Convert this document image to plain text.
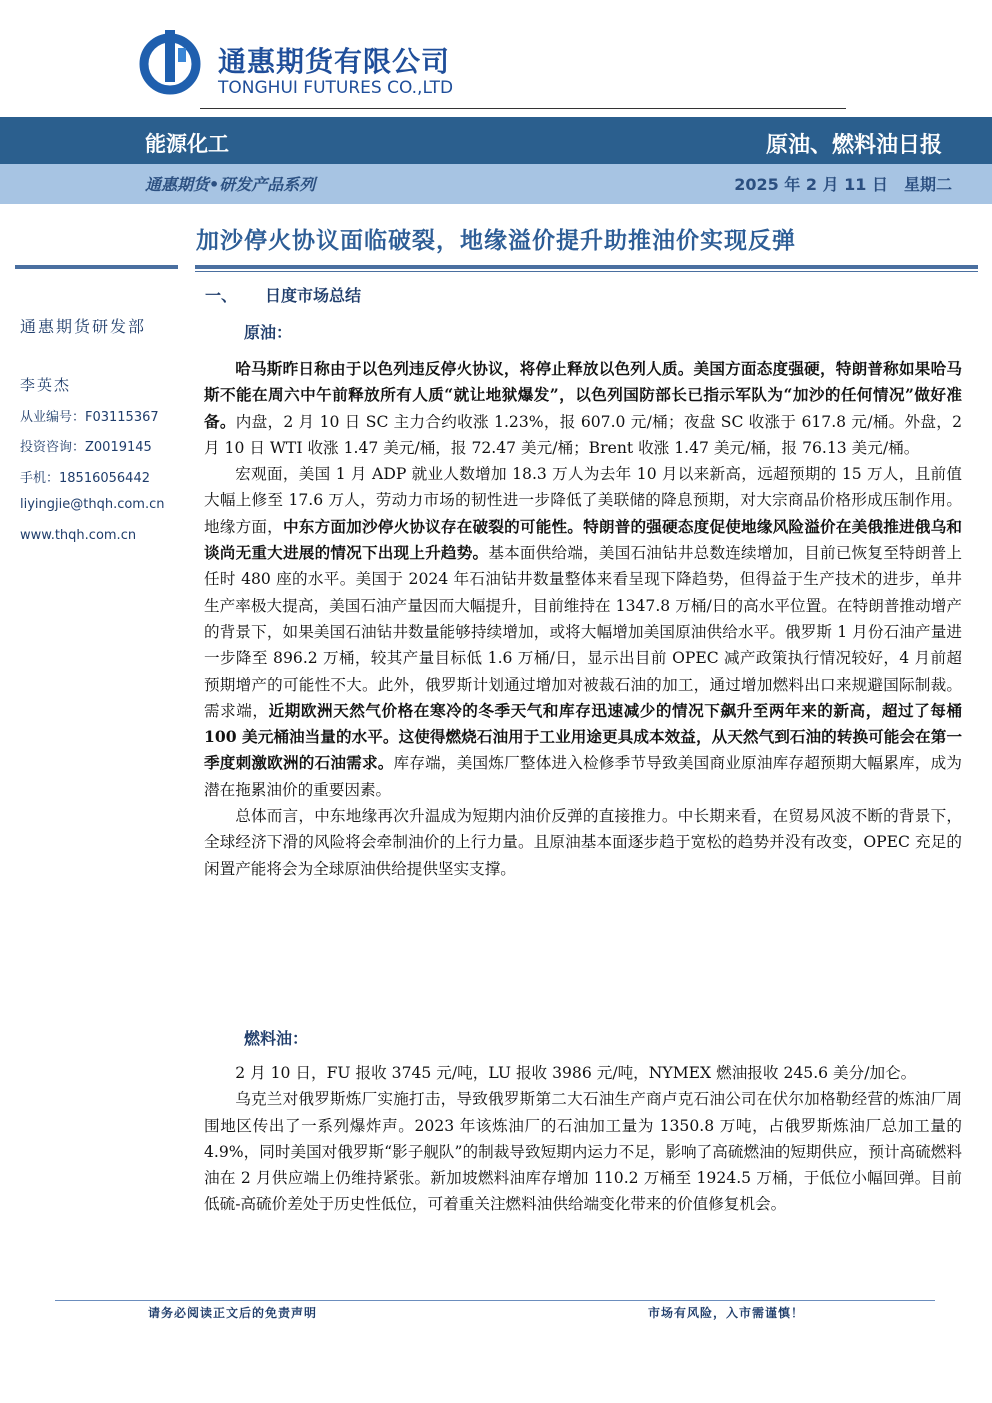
通惠期货有限公司
TONGHUI FUTURES CO.,LTD
能源化工	原油、燃料油日报
通惠期货•研发产品系列	2025 年 2 月 11 日　星期二
加沙停火协议面临破裂，地缘溢价提升助推油价实现反弹
通惠期货研发部
李英杰
从业编号：F03115367
投资咨询：Z0019145
手机：18516056442
liyingjie@thqh.com.cn
www.thqh.com.cn
一、 日度市场总结
原油：

哈马斯昨日称由于以色列违反停火协议，将停止释放以色列人质。美国方面态度强硬，特朗普称如果哈马斯不能在周六中午前释放所有人质“就让地狱爆发”，以色列国防部长已指示军队为“加沙的任何情况”做好准备。内盘，2 月 10 日 SC 主力合约收涨 1.23%，报 607.0 元/桶；夜盘 SC 收涨于 617.8 元/桶。外盘，2 月 10 日 WTI 收涨 1.47 美元/桶，报 72.47 美元/桶；Brent 收涨 1.47 美元/桶，报 76.13 美元/桶。

宏观面，美国 1 月 ADP 就业人数增加 18.3 万人为去年 10 月以来新高，远超预期的 15 万人，且前值大幅上修至 17.6 万人，劳动力市场的韧性进一步降低了美联储的降息预期，对大宗商品价格形成压制作用。地缘方面，中东方面加沙停火协议存在破裂的可能性。特朗普的强硬态度促使地缘风险溢价在美俄推进俄乌和谈尚无重大进展的情况下出现上升趋势。基本面供给端，美国石油钻井总数连续增加，目前已恢复至特朗普上任时 480 座的水平。美国于 2024 年石油钻井数量整体来看呈现下降趋势，但得益于生产技术的进步，单井生产率极大提高，美国石油产量因而大幅提升，目前维持在 1347.8 万桶/日的高水平位置。在特朗普推动增产的背景下，如果美国石油钻井数量能够持续增加，或将大幅增加美国原油供给水平。俄罗斯 1 月份石油产量进一步降至 896.2 万桶，较其产量目标低 1.6 万桶/日，显示出目前 OPEC 减产政策执行情况较好，4 月前超预期增产的可能性不大。此外，俄罗斯计划通过增加对被裁石油的加工，通过增加燃料出口来规避国际制裁。需求端，近期欧洲天然气价格在寒冷的冬季天气和库存迅速减少的情况下飙升至两年来的新高，超过了每桶 100 美元桶油当量的水平。这使得燃烧石油用于工业用途更具成本效益，从天然气到石油的转换可能会在第一季度刺激欧洲的石油需求。库存端，美国炼厂整体进入检修季节导致美国商业原油库存超预期大幅累库，成为潜在拖累油价的重要因素。

总体而言，中东地缘再次升温成为短期内油价反弹的直接推力。中长期来看，在贸易风波不断的背景下，全球经济下滑的风险将会牵制油价的上行力量。且原油基本面逐步趋于宽松的趋势并没有改变，OPEC 充足的闲置产能将会为全球原油供给提供坚实支撑。

燃料油：

2 月 10 日，FU 报收 3745 元/吨，LU 报收 3986 元/吨，NYMEX 燃油报收 245.6 美分/加仑。

乌克兰对俄罗斯炼厂实施打击，导致俄罗斯第二大石油生产商卢克石油公司在伏尔加格勒经营的炼油厂周围地区传出了一系列爆炸声。2023 年该炼油厂的石油加工量为 1350.8 万吨，占俄罗斯炼油厂总加工量的 4.9%，同时美国对俄罗斯“影子舰队”的制裁导致短期内运力不足，影响了高硫燃油的短期供应，预计高硫燃料油在 2 月供应端上仍维持紧张。新加坡燃料油库存增加 110.2 万桶至 1924.5 万桶，于低位小幅回弹。目前低硫-高硫价差处于历史性低位，可着重关注燃料油供给端变化带来的价值修复机会。

请务必阅读正文后的免责声明	市场有风险，入市需谨慎！
